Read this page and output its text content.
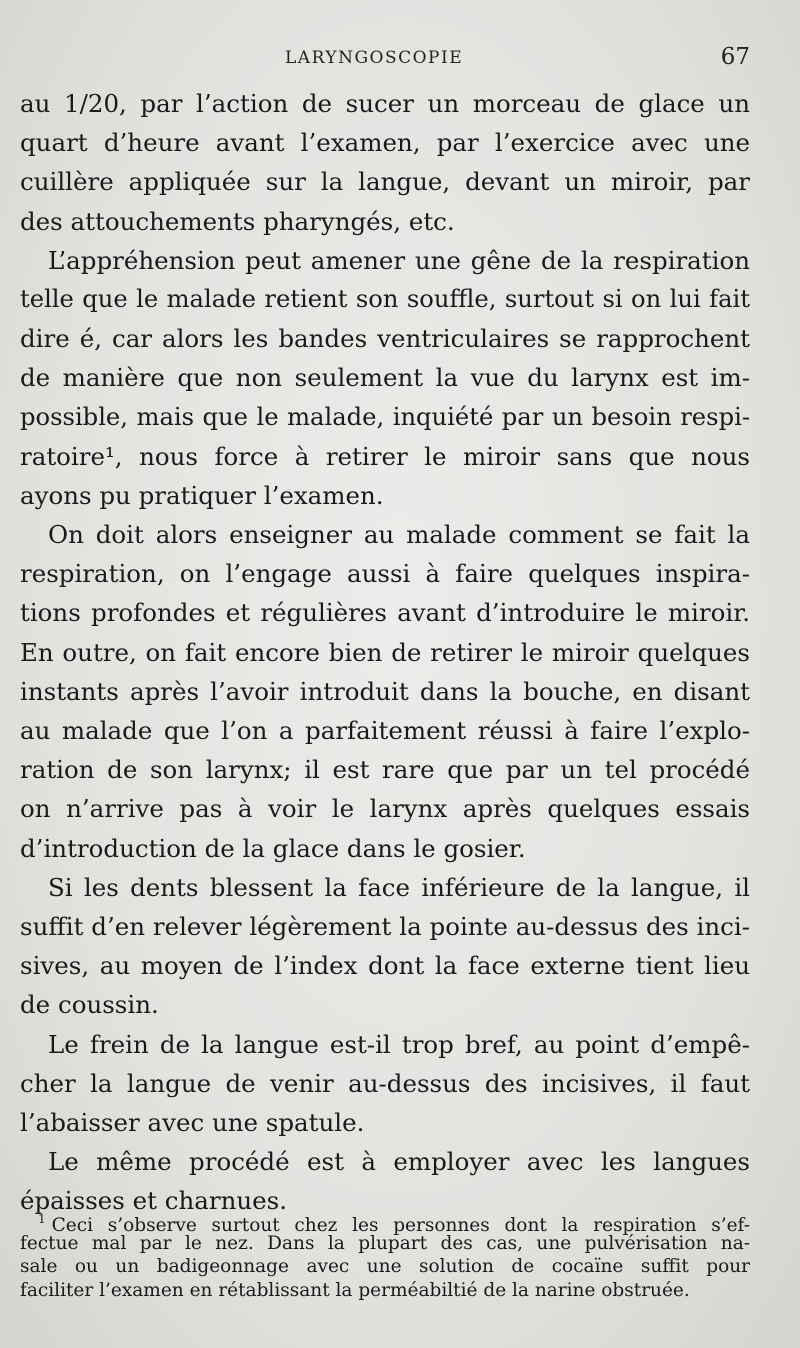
LARYNGOSCOPIE	67
au 1/20, par l’action de sucer un morceau de glace un
quart d’heure avant l’examen, par l’exercice avec une
cuillère appliquée sur la langue, devant un miroir, par
des attouchements pharyngés, etc.
L’appréhension peut amener une gêne de la respiration
telle que le malade retient son souffle, surtout si on lui fait
dire é, car alors les bandes ventriculaires se rapprochent
de manière que non seulement la vue du larynx est im-
possible, mais que le malade, inquiété par un besoin respi-
ratoire¹, nous force à retirer le miroir sans que nous
ayons pu pratiquer l’examen.
On doit alors enseigner au malade comment se fait la
respiration, on l’engage aussi à faire quelques inspira-
tions profondes et régulières avant d’introduire le miroir.
En outre, on fait encore bien de retirer le miroir quelques
instants après l’avoir introduit dans la bouche, en disant
au malade que l’on a parfaitement réussi à faire l’explo-
ration de son larynx; il est rare que par un tel procédé
on n’arrive pas à voir le larynx après quelques essais
d’introduction de la glace dans le gosier.
Si les dents blessent la face inférieure de la langue, il
suffit d’en relever légèrement la pointe au-dessus des inci-
sives, au moyen de l’index dont la face externe tient lieu
de coussin.
Le frein de la langue est-il trop bref, au point d’empê-
cher la langue de venir au-dessus des incisives, il faut
l’abaisser avec une spatule.
Le même procédé est à employer avec les langues
épaisses et charnues.
$^1$ Ceci s’observe surtout chez les personnes dont la respiration s’ef-
fectue mal par le nez. Dans la plupart des cas, une pulvérisation na-
sale ou un badigeonnage avec une solution de cocaïne suffit pour
faciliter l’examen en rétablissant la perméabiltié de la narine obstruée.
